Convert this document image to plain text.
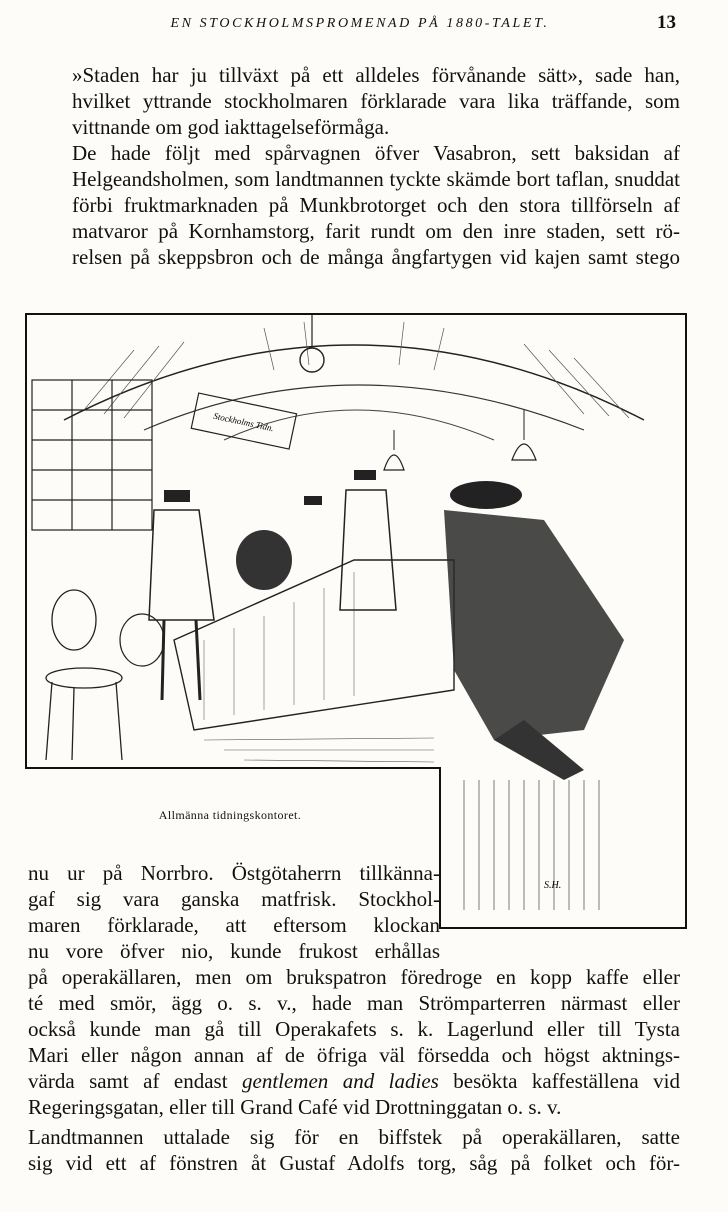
EN STOCKHOLMSPROMENAD PÅ 1880-TALET.	13

»Staden har ju tillväxt på ett alldeles förvånande sätt», sade han,
hvilket yttrande stockholmaren förklarade vara lika träffande, som
vittnande om god iakttagelseförmåga.

De hade följt med spårvagnen öfver Vasabron, sett baksidan af
Helgeandsholmen, som landtmannen tyckte skämde bort taflan, snuddat
förbi fruktmarknaden på Munkbrotorget och den stora tillförseln af
matvaror på Kornhamstorg, farit rundt om den inre staden, sett rö-
relsen på skeppsbron och de många ångfartygen vid kajen samt stego

Stockholms Tidn.
S.H.
Allmänna tidningskontoret.

nu ur på Norrbro. Östgötaherrn tillkänna-
gaf sig vara ganska matfrisk. Stockhol-
maren förklarade, att eftersom klockan
nu vore öfver nio, kunde frukost erhållas

på operakällaren, men om brukspatron föredroge en kopp kaffe eller
té med smör, ägg o. s. v., hade man Strömparterren närmast eller
också kunde man gå till Operakafets s. k. Lagerlund eller till Tysta
Mari eller någon annan af de öfriga väl försedda och högst aktnings-
värda samt af endast gentlemen and ladies besökta kaffeställena vid
Regeringsgatan, eller till Grand Café vid Drottninggatan o. s. v.

Landtmannen uttalade sig för en biffstek på operakällaren, satte
sig vid ett af fönstren åt Gustaf Adolfs torg, såg på folket och för-
